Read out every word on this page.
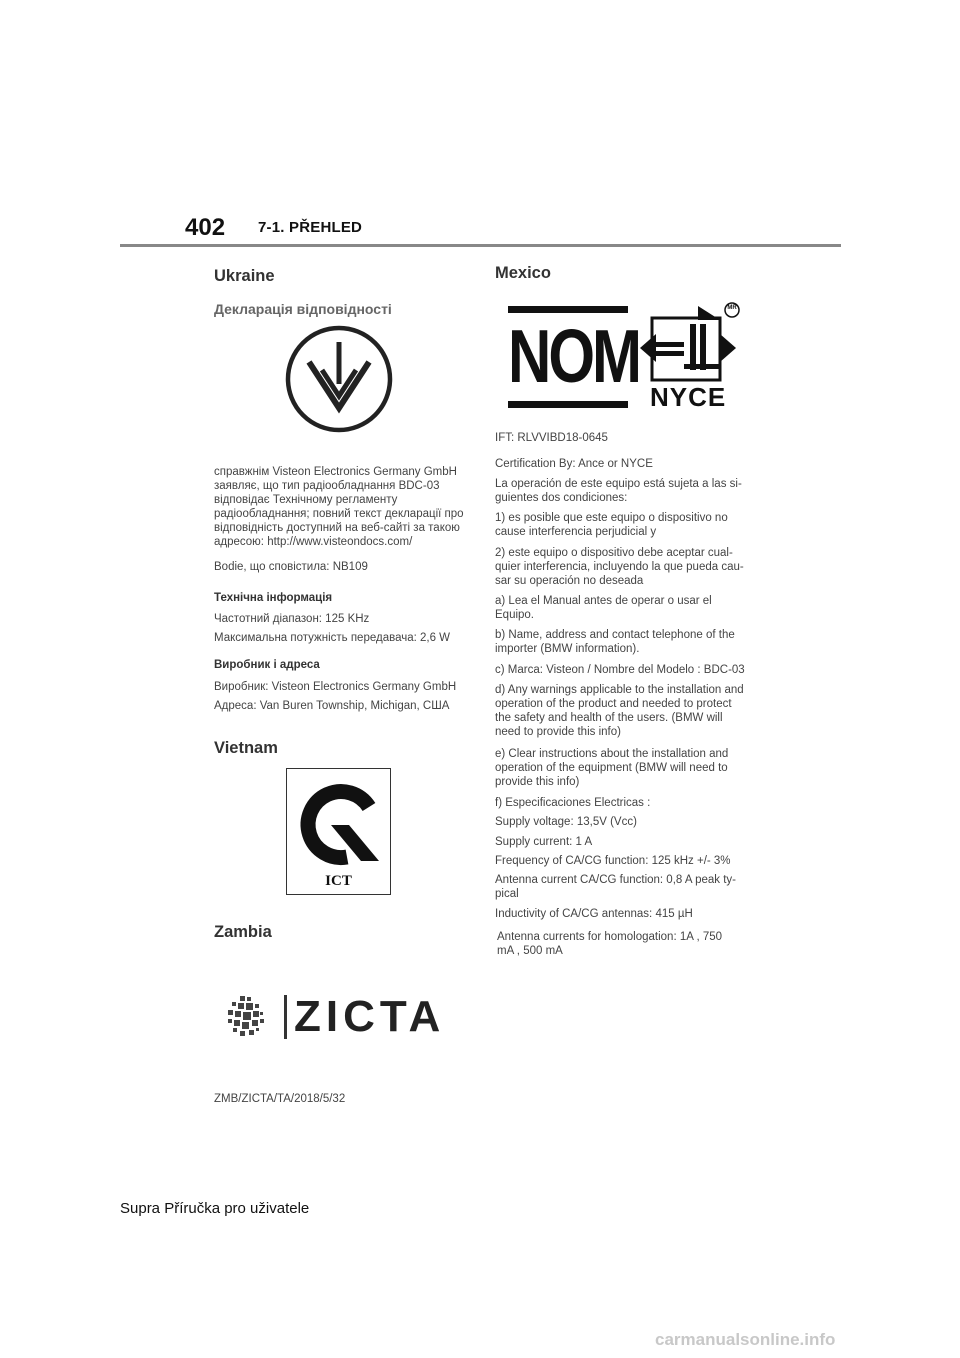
402 7-1. PŘEHLED
Ukraine
Декларація відповідності
справжнім Visteon Electronics Germany GmbH
заявляє, що тип радіообладнання BDC-03
відповідає Технічному регламенту
радіообладнання; повний текст декларації про
відповідність доступний на веб-сайті за такою
адресою: http://www.visteondocs.com/
Bodie, що сповістила: NB109
Технічна інформація
Частотний діапазон: 125 KHz
Максимальна потужність передавача: 2,6 W
Виробник і адреса
Виробник: Visteon Electronics Germany GmbH
Адреса: Van Buren Township, Michigan, США
Vietnam
ICT
Zambia
ZICTA
ZMB/ZICTA/TA/2018/5/32
Mexico
NOM
MR
NYCE
IFT: RLVVIBD18-0645
Certification By: Ance or NYCE
La operación de este equipo está sujeta a las si-
guientes dos condiciones:
1) es posible que este equipo o dispositivo no
cause interferencia perjudicial y
2) este equipo o dispositivo debe aceptar cual-
quier interferencia, incluyendo la que pueda cau-
sar su operación no deseada
a) Lea el Manual antes de operar o usar el
Equipo.
b) Name, address and contact telephone of the
importer (BMW information).
c) Marca: Visteon / Nombre del Modelo : BDC-03
d) Any warnings applicable to the installation and
operation of the product and needed to protect
the safety and health of the users. (BMW will
need to provide this info)
e) Clear instructions about the installation and
operation of the equipment (BMW will need to
provide this info)
f) Especificaciones Electricas :
Supply voltage: 13,5V (Vcc)
Supply current: 1 A
Frequency of CA/CG function: 125 kHz +/- 3%
Antenna current CA/CG function: 0,8 A peak ty-
pical
Inductivity of CA/CG antennas: 415 µH
Antenna currents for homologation: 1A , 750
mA , 500 mA
Supra Příručka pro uživatele
carmanualsonline.info
